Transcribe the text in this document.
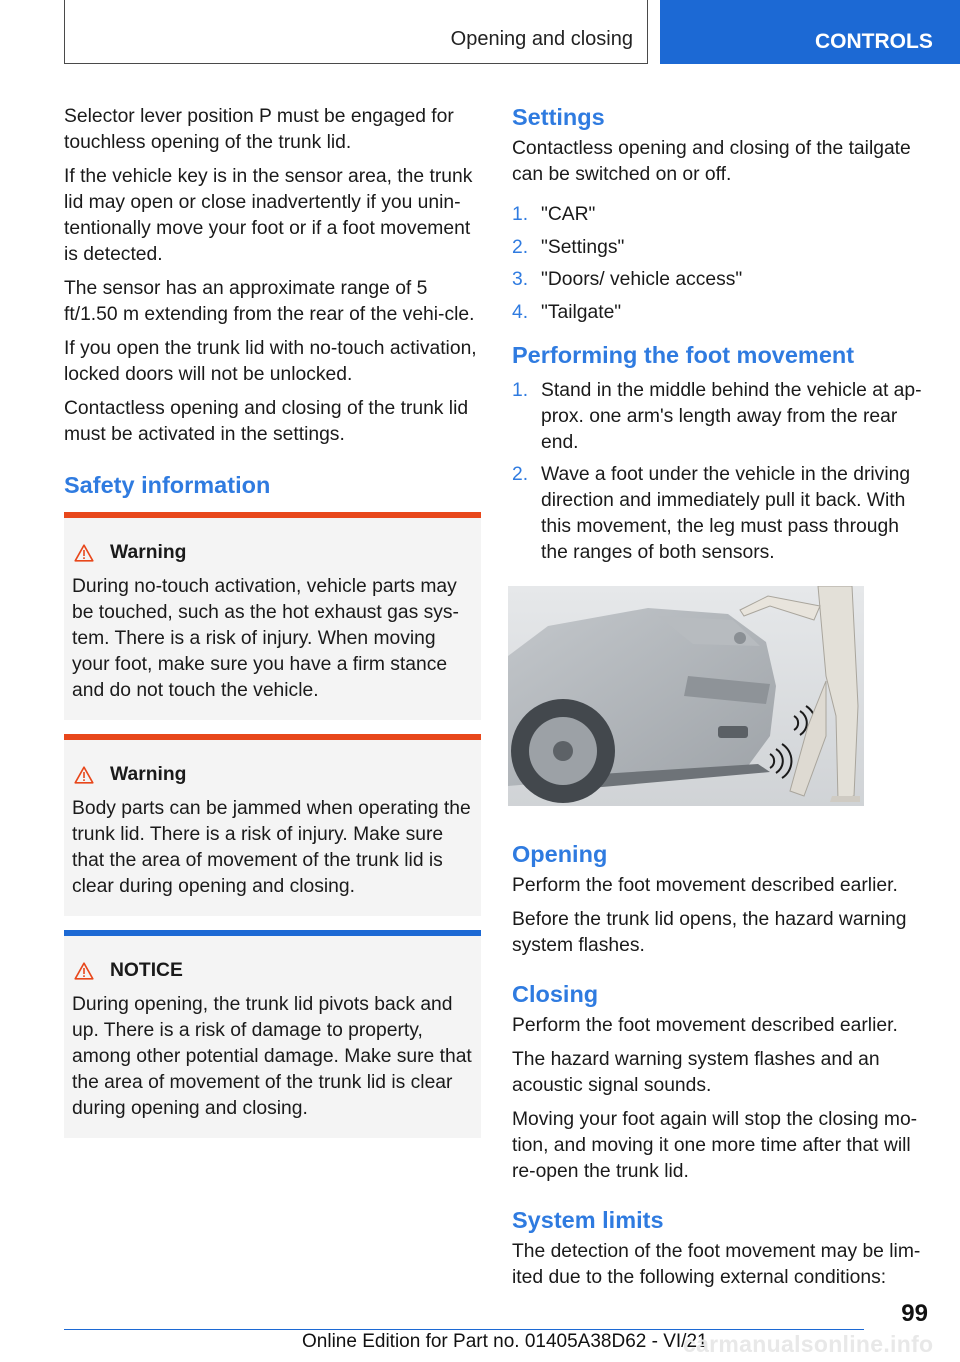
Opening and closing	CONTROLS

Selector lever position P must be engaged for touchless opening of the trunk lid.

If the vehicle key is in the sensor area, the trunk lid may open or close inadvertently if you unin-tentionally move your foot or if a foot movement is detected.

The sensor has an approximate range of 5 ft/1.50 m extending from the rear of the vehi-cle.

If you open the trunk lid with no-touch activation, locked doors will not be unlocked.

Contactless opening and closing of the trunk lid must be activated in the settings.

Safety information
Warning

During no-touch activation, vehicle parts may be touched, such as the hot exhaust gas sys-tem. There is a risk of injury. When moving your foot, make sure you have a firm stance and do not touch the vehicle.

Warning

Body parts can be jammed when operating the trunk lid. There is a risk of injury. Make sure that the area of movement of the trunk lid is clear during opening and closing.

NOTICE

During opening, the trunk lid pivots back and up. There is a risk of damage to property, among other potential damage. Make sure that the area of movement of the trunk lid is clear during opening and closing.

Settings

Contactless opening and closing of the tailgate can be switched on or off.

1. "CAR"
2. "Settings"
3. "Doors/ vehicle access"
4. "Tailgate"
Performing the foot movement
1. Stand in the middle behind the vehicle at ap-prox. one arm's length away from the rear end.
2. Wave a foot under the vehicle in the driving direction and immediately pull it back. With this movement, the leg must pass through the ranges of both sensors.
Opening

Perform the foot movement described earlier.

Before the trunk lid opens, the hazard warning system flashes.

Closing

Perform the foot movement described earlier.

The hazard warning system flashes and an acoustic signal sounds.

Moving your foot again will stop the closing mo-tion, and moving it one more time after that will re-open the trunk lid.

System limits

The detection of the foot movement may be lim-ited due to the following external conditions:

99
Online Edition for Part no. 01405A38D62 - VI/21
carmanualsonline.info
